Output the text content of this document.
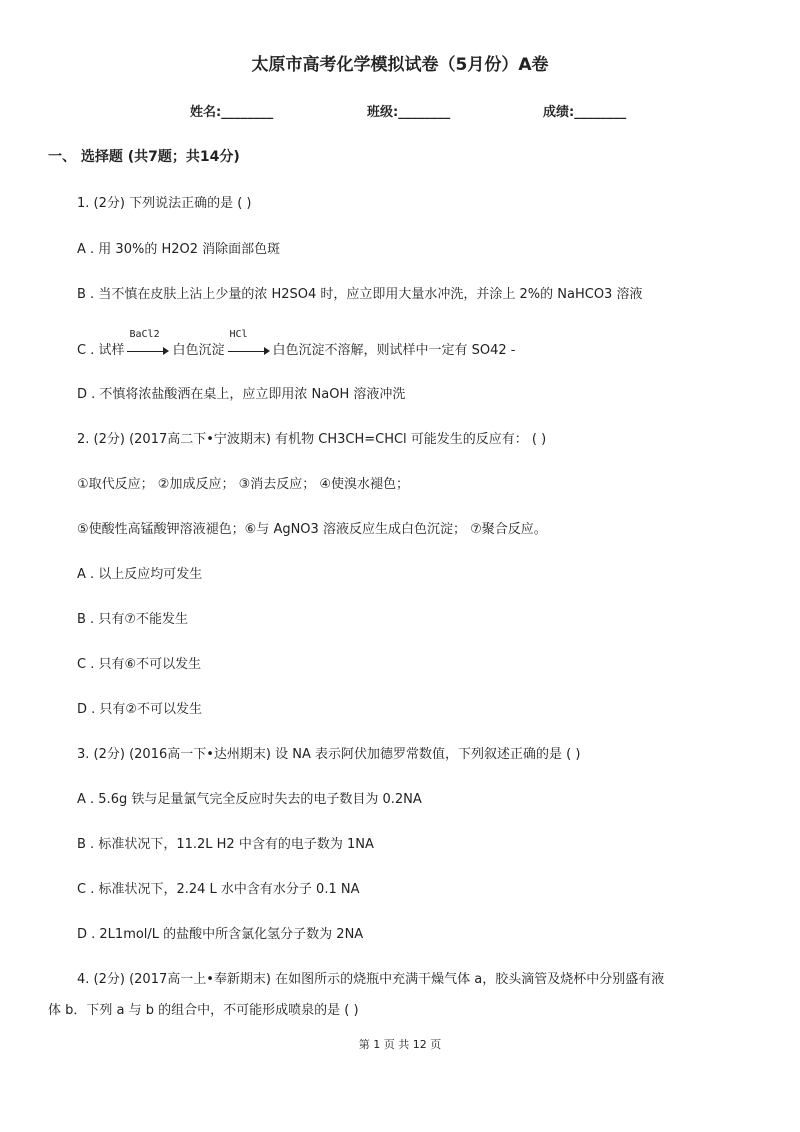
太原市高考化学模拟试卷（5月份）A卷
姓名:________	班级:________	成绩:________
一、 选择题 (共7题；共14分)
1. (2分) 下列说法正确的是 ( )
A . 用 30%的 H2O2 消除面部色斑
B . 当不慎在皮肤上沾上少量的浓 H2SO4 时，应立即用大量水冲洗，并涂上 2%的 NaHCO3 溶液
C . 试样
BaCl2
白色沉淀
HCl
白色沉淀不溶解，则试样中一定有 SO42 -
D . 不慎将浓盐酸洒在桌上，应立即用浓 NaOH 溶液冲洗
2. (2分) (2017高二下•宁波期末) 有机物 CH3CH=CHCl 可能发生的反应有： ( )
①取代反应； ②加成反应； ③消去反应； ④使溴水褪色；
⑤使酸性高锰酸钾溶液褪色；⑥与 AgNO3 溶液反应生成白色沉淀； ⑦聚合反应。
A . 以上反应均可发生
B . 只有⑦不能发生
C . 只有⑥不可以发生
D . 只有②不可以发生
3. (2分) (2016高一下•达州期末) 设 NA 表示阿伏加德罗常数值，下列叙述正确的是 ( )
A . 5.6g 铁与足量氯气完全反应时失去的电子数目为 0.2NA
B . 标准状况下，11.2L H2 中含有的电子数为 1NA
C . 标准状况下，2.24 L 水中含有水分子 0.1 NA
D . 2L1mol/L 的盐酸中所含氯化氢分子数为 2NA
4. (2分) (2017高一上•奉新期末) 在如图所示的烧瓶中充满干燥气体 a，胶头滴管及烧杯中分别盛有液
体 b．下列 a 与 b 的组合中，不可能形成喷泉的是 ( )
第 1 页 共 12 页
